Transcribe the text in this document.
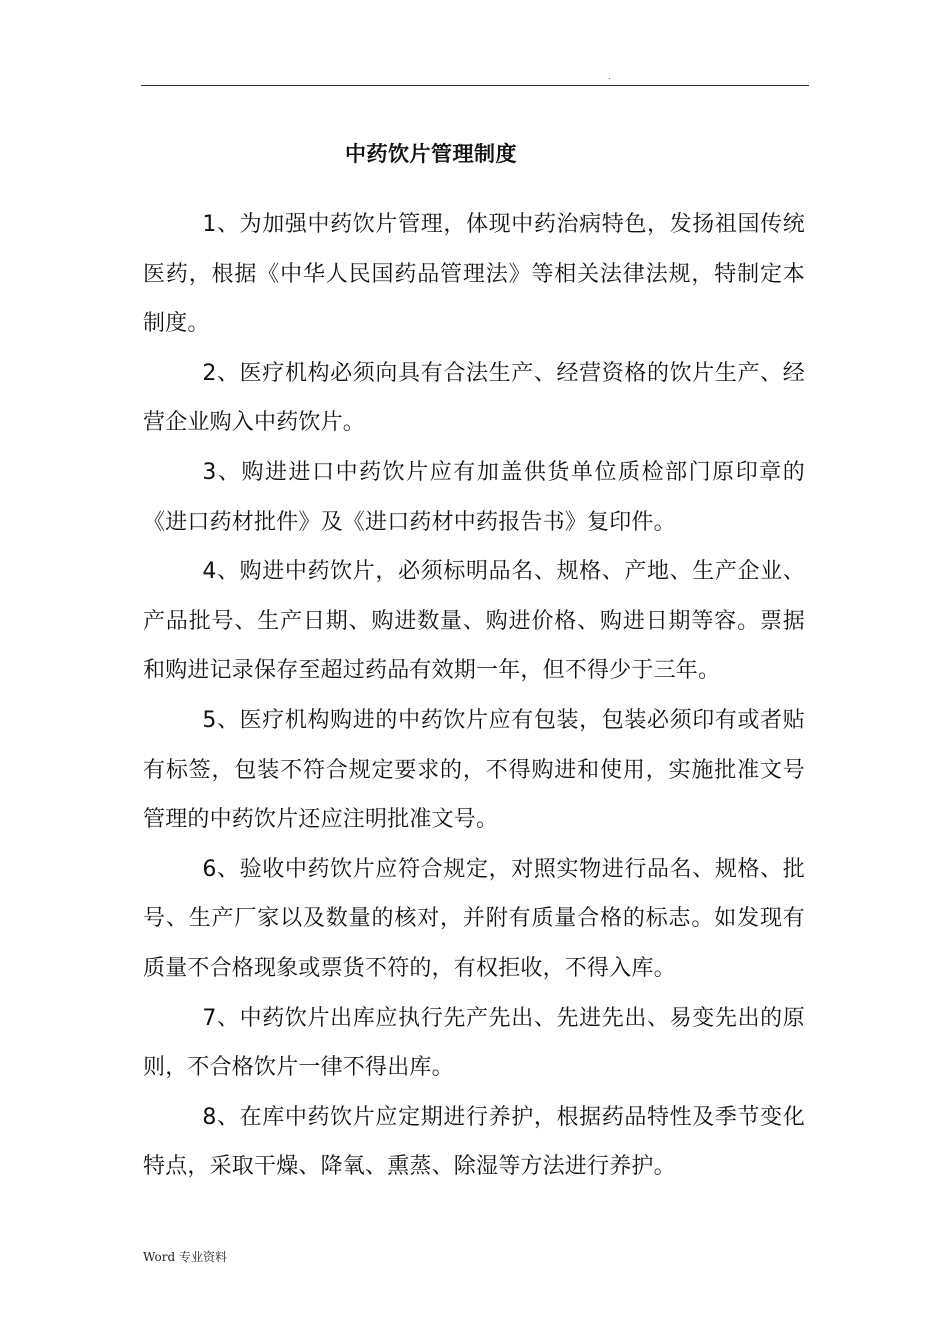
.
中药饮片管理制度

1、为加强中药饮片管理，体现中药治病特色，发扬祖国传统医药，根据《中华人民国药品管理法》等相关法律法规，特制定本制度。

2、医疗机构必须向具有合法生产、经营资格的饮片生产、经营企业购入中药饮片。

3、购进进口中药饮片应有加盖供货单位质检部门原印章的《进口药材批件》及《进口药材中药报告书》复印件。

4、购进中药饮片，必须标明品名、规格、产地、生产企业、产品批号、生产日期、购进数量、购进价格、购进日期等容。票据和购进记录保存至超过药品有效期一年，但不得少于三年。

5、医疗机构购进的中药饮片应有包装，包装必须印有或者贴有标签，包装不符合规定要求的，不得购进和使用，实施批准文号管理的中药饮片还应注明批准文号。

6、验收中药饮片应符合规定，对照实物进行品名、规格、批号、生产厂家以及数量的核对，并附有质量合格的标志。如发现有质量不合格现象或票货不符的，有权拒收，不得入库。

7、中药饮片出库应执行先产先出、先进先出、易变先出的原则，不合格饮片一律不得出库。

8、在库中药饮片应定期进行养护，根据药品特性及季节变化特点，采取干燥、降氧、熏蒸、除湿等方法进行养护。

Word 专业资料
